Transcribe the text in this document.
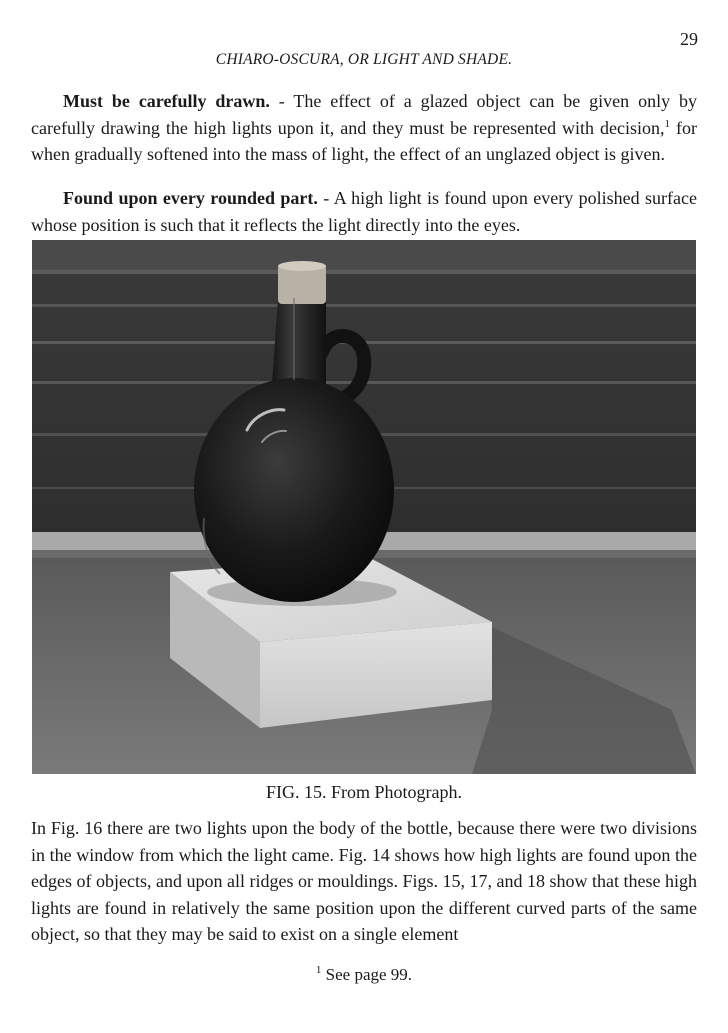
29
CHIARO-OSCURA, OR LIGHT AND SHADE.

Must be carefully drawn. - The effect of a glazed object can be given only by carefully drawing the high lights upon it, and they must be represented with decision,$^1$ for when gradually softened into the mass of light, the effect of an unglazed object is given.

Found upon every rounded part. - A high light is found upon every polished surface whose position is such that it reflects the light directly into the eyes.

FIG. 15. From Photograph.

In Fig. 16 there are two lights upon the body of the bottle, because there were two divisions in the window from which the light came. Fig. 14 shows how high lights are found upon the edges of objects, and upon all ridges or mouldings. Figs. 15, 17, and 18 show that these high lights are found in relatively the same position upon the different curved parts of the same object, so that they may be said to exist on a single element

$^1$ See page 99.
